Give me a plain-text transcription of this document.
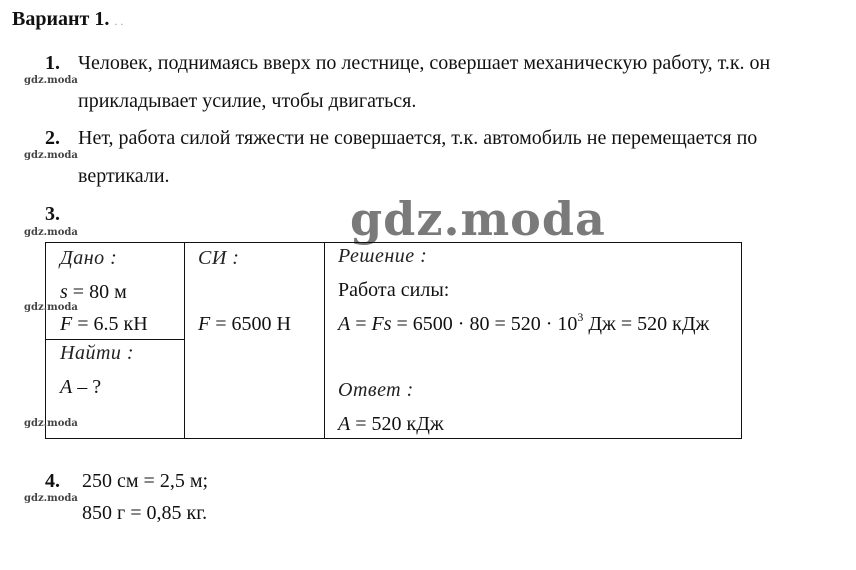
Вариант 1. . .
1. Человек, поднимаясь вверх по лестнице, совершает механическую работу, т.к. он
gdz.moda
прикладывает усилие, чтобы двигаться.
2. Нет, работа силой тяжести не совершается, т.к. автомобиль не перемещается по
gdz.moda
вертикали.
3.
gdz.moda	gdz.moda
Дано :
s = 80 м
F = 6.5 кН
Найти :
A – ?
СИ :
F = 6500 Н
Решение :
Работа силы:
$A = Fs = 6500 \cdot 80 = 520 \cdot 10^3$ Дж = 520 кДж
Ответ :
A = 520 кДж
gdz.moda
gdz.moda
4. 250 см = 2,5 м;
gdz.moda
850 г = 0,85 кг.
